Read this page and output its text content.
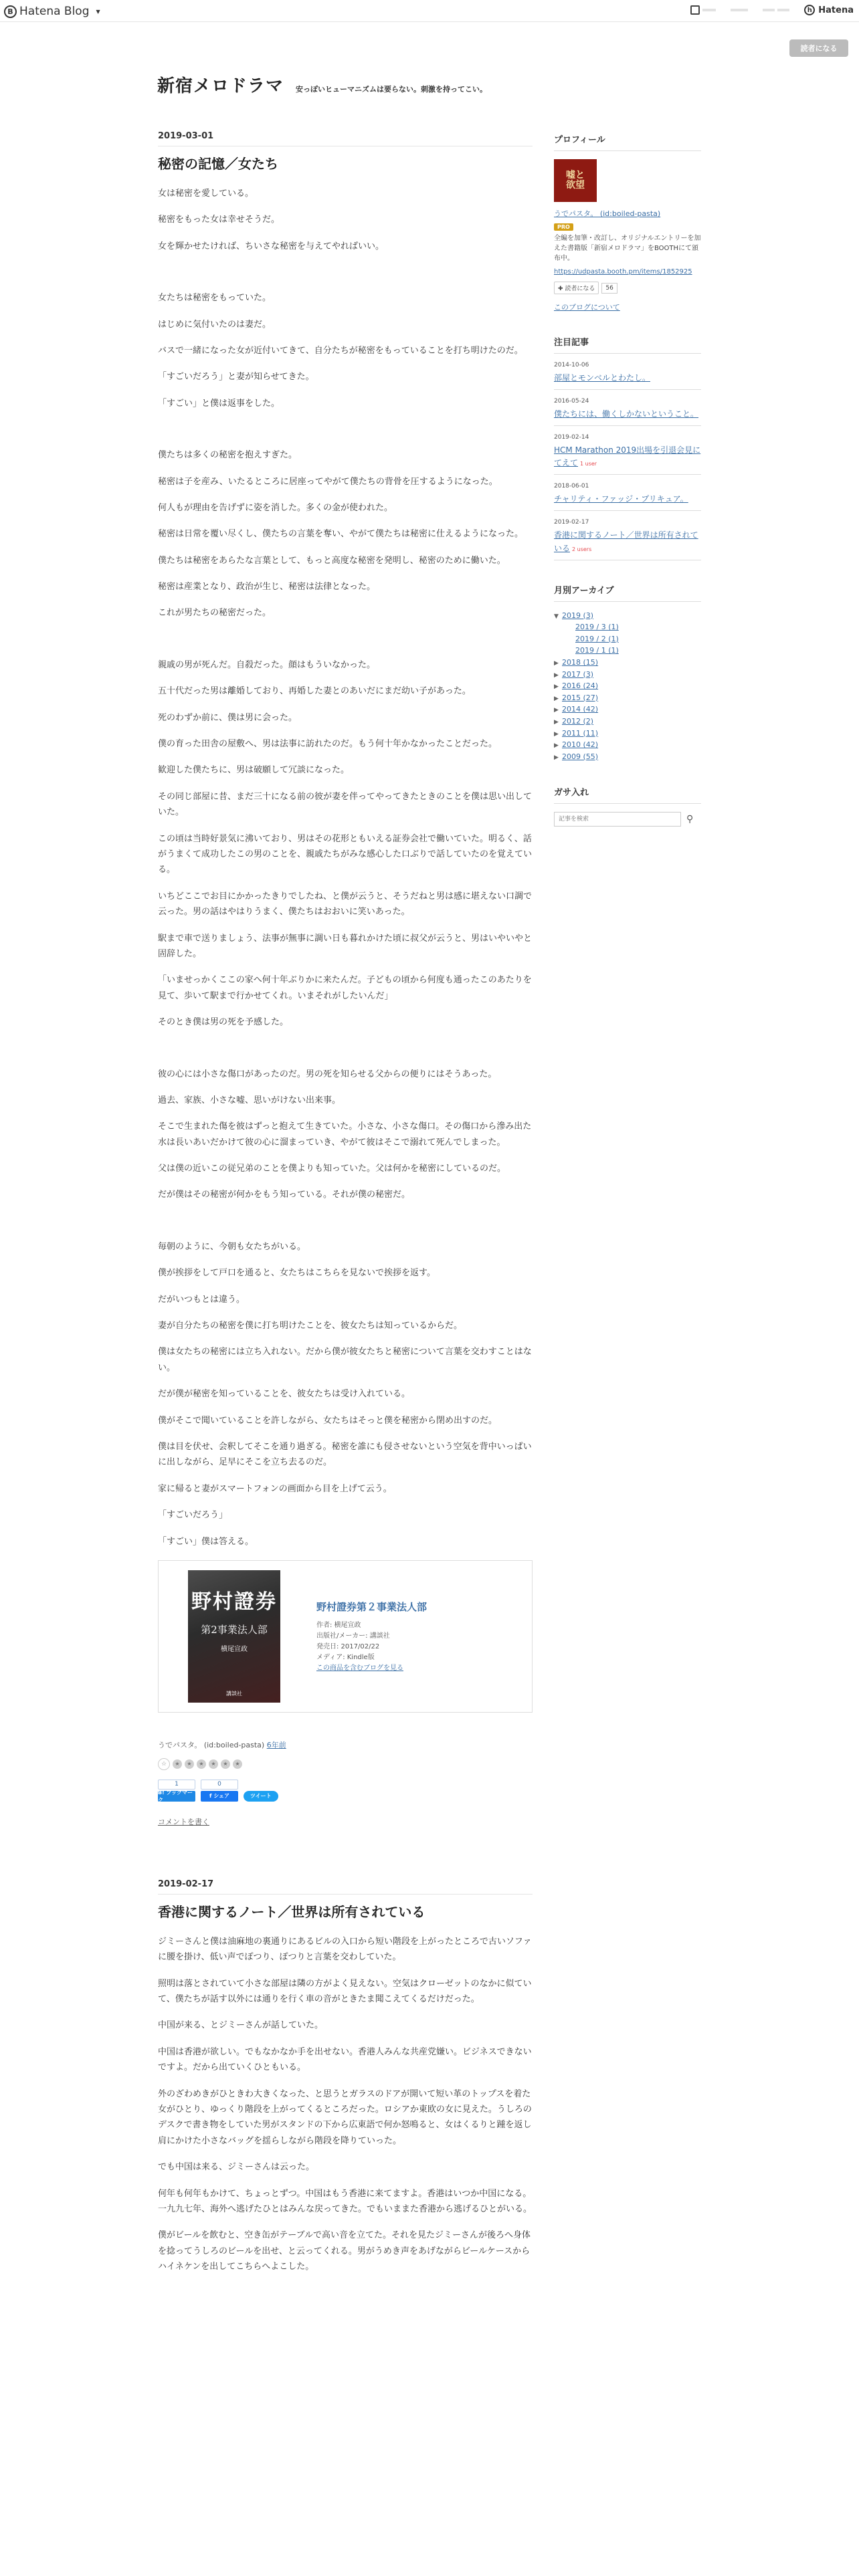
B Hatena Blog ▼	h Hatena
読者になる
新宿メロドラマ 安っぽいヒューマニズムは要らない。刺激を持ってこい。
2019-03-01
秘密の記憶／女たち

女は秘密を愛している。

秘密をもった女は幸せそうだ。

女を輝かせたければ、ちいさな秘密を与えてやればいい。

女たちは秘密をもっていた。

はじめに気付いたのは妻だ。

バスで一緒になった女が近付いてきて、自分たちが秘密をもっていることを打ち明けたのだ。

「すごいだろう」と妻が知らせてきた。

「すごい」と僕は返事をした。

僕たちは多くの秘密を抱えすぎた。

秘密は子を産み、いたるところに居座ってやがて僕たちの背骨を圧するようになった。

何人もが理由を告げずに姿を消した。多くの金が使われた。

秘密は日常を覆い尽くし、僕たちの言葉を奪い、やがて僕たちは秘密に仕えるようになった。

僕たちは秘密をあらたな言葉として、もっと高度な秘密を発明し、秘密のために働いた。

秘密は産業となり、政治が生じ、秘密は法律となった。

これが男たちの秘密だった。

親戚の男が死んだ。自殺だった。顔はもういなかった。

五十代だった男は離婚しており、再婚した妻とのあいだにまだ幼い子があった。

死のわずか前に、僕は男に会った。

僕の育った田舎の屋敷へ、男は法事に訪れたのだ。もう何十年かなかったことだった。

歓迎した僕たちに、男は破願して冗談になった。

その同じ部屋に昔、まだ三十になる前の彼が妻を伴ってやってきたときのことを僕は思い出していた。

この頃は当時好景気に沸いており、男はその花形ともいえる証券会社で働いていた。明るく、話がうまくて成功したこの男のことを、親戚たちがみな感心した口ぶりで話していたのを覚えている。

いちどここでお目にかかったきりでしたね、と僕が云うと、そうだねと男は感に堪えない口調で云った。男の話はやはりうまく、僕たちはおおいに笑いあった。

駅まで車で送りましょう、法事が無事に調い日も暮れかけた頃に叔父が云うと、男はいやいやと固辞した。

「いませっかくここの家へ何十年ぶりかに来たんだ。子どもの頃から何度も通ったこのあたりを見て、歩いて駅まで行かせてくれ。いまそれがしたいんだ」

そのとき僕は男の死を予感した。

彼の心には小さな傷口があったのだ。男の死を知らせる父からの便りにはそうあった。

過去、家族、小さな嘘、思いがけない出来事。

そこで生まれた傷を彼はずっと抱えて生きていた。小さな、小さな傷口。その傷口から滲み出た水は長いあいだかけて彼の心に溜まっていき、やがて彼はそこで溺れて死んでしまった。

父は僕の近いこの従兄弟のことを僕よりも知っていた。父は何かを秘密にしているのだ。

だが僕はその秘密が何かをもう知っている。それが僕の秘密だ。

毎朝のように、今朝も女たちがいる。

僕が挨拶をして戸口を通ると、女たちはこちらを見ないで挨拶を返す。

だがいつもとは違う。

妻が自分たちの秘密を僕に打ち明けたことを、彼女たちは知っているからだ。

僕は女たちの秘密には立ち入れない。だから僕が彼女たちと秘密について言葉を交わすことはない。

だが僕が秘密を知っていることを、彼女たちは受け入れている。

僕がそこで聞いていることを許しながら、女たちはそっと僕を秘密から閉め出すのだ。

僕は目を伏せ、会釈してそこを通り過ぎる。秘密を誰にも侵させないという空気を背中いっぱいに出しながら、足早にそこを立ち去るのだ。

家に帰ると妻がスマートフォンの画面から目を上げて云う。

「すごいだろう」

「すごい」僕は答える。

野村證券
第2事業法人部
横尾宣政
講談社
野村證券第２事業法人部
作者: 横尾宣政
出版社/メーカー: 講談社
発売日: 2017/02/22
メディア: Kindle版
この商品を含むブログを見る
うでパスタ。 (id:boiled-pasta) 6年前
☆	★	★	★	★	★	★
1
B! ブックマーク
0
f シェア	ツイート
コメントを書く
2019-02-17
香港に関するノート／世界は所有されている

ジミーさんと僕は油麻地の裏通りにあるビルの入口から短い階段を上がったところで古いソファに腰を掛け、低い声でぽつり、ぽつりと言葉を交わしていた。

照明は落とされていて小さな部屋は隣の方がよく見えない。空気はクローゼットのなかに似ていて、僕たちが話す以外には通りを行く車の音がときたま聞こえてくるだけだった。

中国が来る、とジミーさんが話していた。

中国は香港が欲しい。でもなかなか手を出せない。香港人みんな共産党嫌い。ビジネスできないですよ。だから出ていくひともいる。

外のざわめきがひときわ大きくなった、と思うとガラスのドアが開いて短い革のトップスを着た女がひとり、ゆっくり階段を上がってくるところだった。ロシアか東欧の女に見えた。うしろのデスクで書き物をしていた男がスタンドの下から広東語で何か怒鳴ると、女はくるりと踵を返し肩にかけた小さなバッグを揺らしながら階段を降りていった。

でも中国は来る、ジミーさんは云った。

何年も何年もかけて、ちょっとずつ。中国はもう香港に来てますよ。香港はいつか中国になる。一九九七年、海外へ逃げたひとはみんな戻ってきた。でもいままた香港から逃げるひとがいる。

僕がビールを飲むと、空き缶がテーブルで高い音を立てた。それを見たジミーさんが後ろへ身体を捻ってうしろのビールを出せ、と云ってくれる。男がうめき声をあげながらビールケースからハイネケンを出してこちらへよこした。

プロフィール
嘘と
欲望
うでパスタ。 (id:boiled-pasta)
PRO
全編を加筆・改訂し、オリジナルエントリーを加えた書籍版「新宿メロドラマ」をBOOTHにて頒布中。
https://udpasta.booth.pm/items/1852925
✚ 読者になる	56
このブログについて
注目記事
2014-10-06
部屋とモンベルとわたし。
2016-05-24
僕たちには、働くしかないということ。
2019-02-14
HCM Marathon 2019出場を引退会見にてえて 1 user
2018-06-01
チャリティ・ファッジ・プリキュア。
2019-02-17
香港に関するノート／世界は所有されている 2 users
月別アーカイブ
▼ 2019 (3)
2019 / 3 (1)
2019 / 2 (1)
2019 / 1 (1)
▶ 2018 (15)
▶ 2017 (3)
▶ 2016 (24)
▶ 2015 (27)
▶ 2014 (42)
▶ 2012 (2)
▶ 2011 (11)
▶ 2010 (42)
▶ 2009 (55)
ガサ入れ
記事を検索
⚲
